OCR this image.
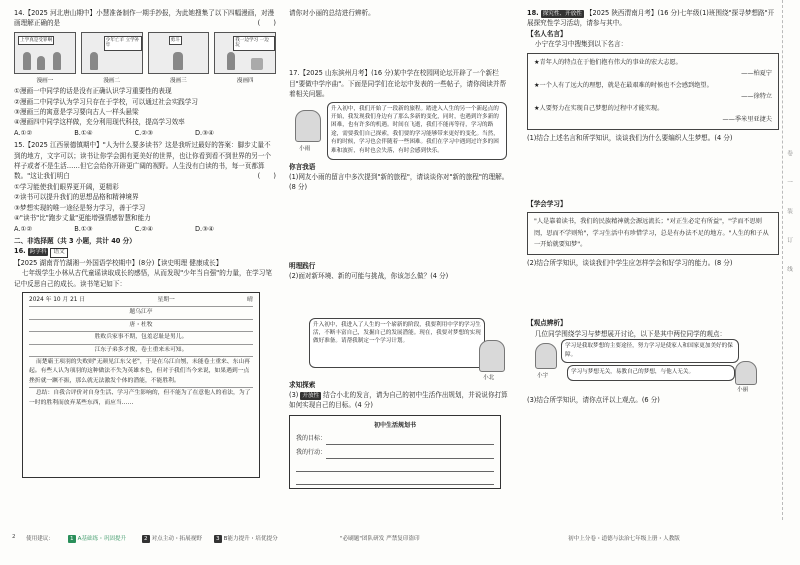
14.【2025 河北唐山期中】小慧准备制作一期手抄报，为此她搜集了以下四幅漫画，对漫画理解正确的是	(　　)

上学真是受罪啊	少年亡羊 立学补牢
勇斗	我一边学习 一边玩
漫画一	漫画二	漫画三	漫画四

①漫画一中同学的话是没有正确认识学习重要性的表现

②漫画二中同学认为学习只存在于学校，可以通过社会实践学习

③漫画三的寓意是学习要向古人一样头悬梁

④漫画四中同学这样做，充分利用现代科技，提高学习效率

A.①②	B.①④	C.②③	D.③④

15.【2025 江西景德镇期中】"人为什么要多读书？这是我听过最好的答案：脚步丈量不到的地方，文字可以；读书让你学会拥有更美好的世界，也让你看到看不到世界的另一个样子或者不是生活……但它会给你开辟更广阔的视野。人生没有白读的书，每一页都算数。"这让我们明白	(　　)

①学习能使我们眼界更开阔，更精彩

②读书可以提升我们的思想品格和精神境界

③梦想实现的唯一途径是努力学习，善于学习

④"读书"比"跑步丈量"更能增强情感智慧和能力

A.①②	B.①③	C.②④	D.③④

二、非选择题（共 3 小题，共计 40 分）

16. 跨学科 语文 【2025 湖南青竹湖湘一外国语学校期中】(8分)【读史明理 健康成长】

七年级学生小林从古代童谣读取成长的感悟，从而发现"少年当自强"的力量，在学习笔记中反思自己的成长。读书笔记如下：

2024 年 10 月 21 日	星期一	晴

题乌江亭

唐・杜牧

胜败兵家事不期，包羞忍耻是男儿。

江东子弟多才俊，卷土重来未可知。

而楚霸王项羽的失败则"无颜见江东父老"，于是在乌江自刎，未能卷土重来、东山再起。有些人认为项羽的这种做法不失为英雄本色，但对于我们当今来说，如果遇到一点挫折就一蹶不振，那么就无法激发个体的潜能，不能胜利。

总结：自我合评价对自身生活、学习产生影响的，但不能为了在意他人的看法，为了一时的胜利而放弃某些东西，而应当……

请你对小丽的总结进行辨析。

17.【2025 山东滨州月考】(16 分)某中学在校园网论坛开辟了一个新栏目"要做中学序曲"。下面是同学们在论坛中发表的一些帖子，请你阅读并帮着相关问题。

小雨
升入初中，我们开始了一段新的旅程。踏进入人生的另一个新起点的开始，我发现我们身边有了那么多新的变化，同时，也遇到许多新的困难，也有许多的机遇。时间在飞逝，我们不能再等待，学习的路途，需要我们自己探索，我们要的学习能够带来更好的变化。当然，有的时候，学习也会伴随着一些困难。我们在学习中遇到过许多的困难和波折，有时也会失落，有时会感到快乐。

你言我语

(1)网友小雨的留言中多次提到"新的旅程"，请谈谈你对"新的旅程"的理解。(8 分)

明理践行

(2)面对新环境、新的可能与挑战，你该怎么做？(4 分)

升入初中，我进入了人生的一个崭新的阶段，我要利用中学的学习生活，不断丰富自己，发掘自己的发展潜能。现在，我要对梦想的实现做好准备。请帮我制定一个学习计划。
小北

求知探索

(3) 开放性 结合小北的发言，请为自己的初中生活作出规划，并说说你打算如何实现自己的目标。(4 分)

初中生活规划书

我的目标：
我的行动：

18. 探究性、开放性 【2025 陕西渭南月考】(16 分)七年级(1)班围绕"探寻梦想路"开展探究性学习活动，请参与其中。

【名人名言】

小宁在学习中搜集到以下名言：

★青年人的特点在于他们抱有伟大的事业的宏大志愿。

——柏夏宁

★一个人有了远大的理想，就是在最艰难的时候也不会感到绝望。

——徐特立

★人要努力在实现自己梦想的过程中才能实现。

——季米里亚捷夫

(1)结合上述名言和所学知识，谈谈我们为什么要编织人生梦想。(4 分)

【学会学习】

"人是靠着读书，我们的民族精神就会源远流长；"对正生必定有所益"，"学而不思则罔，思而不学则殆"，学习生活中有珍惜学习，总是有办法不足的地方。"人生的和子从一开始就要知梦"。

(2)结合所学知识，谈谈我们中学生应怎样学会和好学习的能力。(8 分)

【观点辨析】

几位同学围绕学习与梦想展开讨论，以下是其中两位同学的观点：

小宇
学习是我取梦想的主要途径，努力学习是使家人和国家更加美好的保障。
学习与梦想无关，易教自己的梦想，与他人无关。
小丽

(3)结合所学知识，请你点评以上观点。(6 分)

卷

一

装

订

线

2 使用建议：	1 A基础练・巩固提升	2 对点主动・拓展视野	3 B能力提升・培优提分	"必刷题"团队研发 严禁复印盗印	初中上分卷・道德与法治七年级上册・人教版
